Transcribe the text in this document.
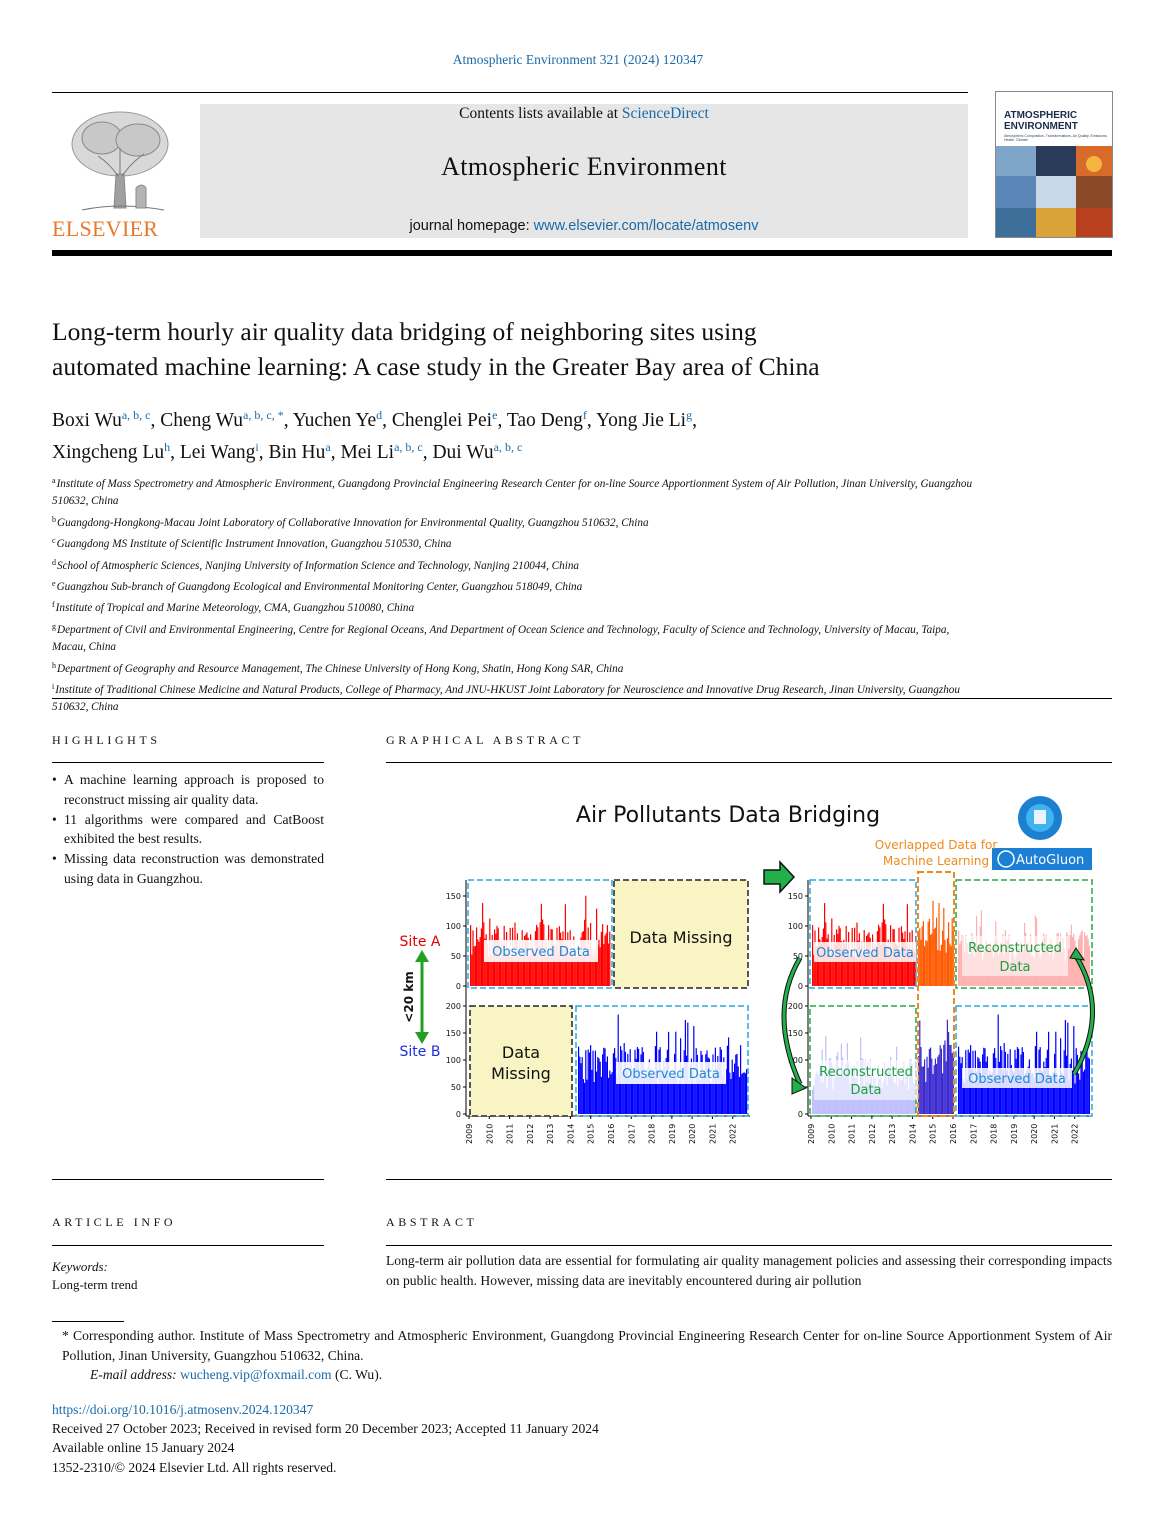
Atmospheric Environment 321 (2024) 120347
ELSEVIER
Contents lists available at ScienceDirect
Atmospheric Environment
journal homepage: www.elsevier.com/locate/atmosenv
ATMOSPHERIC ENVIRONMENT
Atmospheric Composition, Transformations, Air Quality, Emissions, Health, Climate
Long-term hourly air quality data bridging of neighboring sites using
automated machine learning: A case study in the Greater Bay area of China
Boxi Wu$^{a, b, c}$, Cheng $Wu^{a, b, c, *}$, Yuchen Ye$^d$, Chenglei Pei$^e$, Tao Deng$^f$, Yong Jie Li$^g$,
Xingcheng Lu$^h$, Lei Wang$^i$, Bin Hu$^a$, Mei Li$^{a, b, c}$, Dui Wu$^{a, b, c}$
$^a$Institute of Mass Spectrometry and Atmospheric Environment, Guangdong Provincial Engineering Research Center for on-line Source Apportionment System of Air Pollution, Jinan University, Guangzhou 510632, China
$^b$Guangdong-Hongkong-Macau Joint Laboratory of Collaborative Innovation for Environmental Quality, Guangzhou 510632, China
$^c$Guangdong MS Institute of Scientific Instrument Innovation, Guangzhou 510530, China
$^d$School of Atmospheric Sciences, Nanjing University of Information Science and Technology, Nanjing 210044, China
$^e$Guangzhou Sub-branch of Guangdong Ecological and Environmental Monitoring Center, Guangzhou 518049, China
$^f$Institute of Tropical and Marine Meteorology, CMA, Guangzhou 510080, China
$^g$Department of Civil and Environmental Engineering, Centre for Regional Oceans, And Department of Ocean Science and Technology, Faculty of Science and Technology, University of Macau, Taipa, Macau, China
$^h$Department of Geography and Resource Management, The Chinese University of Hong Kong, Shatin, Hong Kong SAR, China
$^i$Institute of Traditional Chinese Medicine and Natural Products, College of Pharmacy, And JNU-HKUST Joint Laboratory for Neuroscience and Innovative Drug Research, Jinan University, Guangzhou 510632, China
HIGHLIGHTS	GRAPHICAL ABSTRACT
• A machine learning approach is proposed to reconstruct missing air quality data.
• 11 algorithms were compared and CatBoost exhibited the best results.
• Missing data reconstruction was demonstrated using data in Guangzhou.
Air Pollutants Data Bridging
AutoGluon
Overlapped Data for
Machine Learning
0
50
100
150
0
50
100
150
200
2009 2010 2011 2012 2013 2014 2015 2016 2017 2018 2019 2020 2021 2022
Data Missing
Observed Data
Data
Missing	Observed Data
Site A
Site B
<20 km	0
50
100
150
0
100
150
200
2009 2010 2011 2012 2013 2014 2015 2016 2017 2018 2019 2020 2021 2022
Observed Data	Reconstructed
Data
Reconstructed
Data
Observed Data
ARTICLE INFO	ABSTRACT
Keywords:
Long-term trend

Long-term air pollution data are essential for formulating air quality management policies and assessing their corresponding impacts on public health. However, missing data are inevitably encountered during air pollution

* Corresponding author. Institute of Mass Spectrometry and Atmospheric Environment, Guangdong Provincial Engineering Research Center for on-line Source Apportionment System of Air Pollution, Jinan University, Guangzhou 510632, China.

E-mail address: wucheng.vip@foxmail.com (C. Wu).
https://doi.org/10.1016/j.atmosenv.2024.120347
Received 27 October 2023; Received in revised form 20 December 2023; Accepted 11 January 2024
Available online 15 January 2024
1352-2310/© 2024 Elsevier Ltd. All rights reserved.
